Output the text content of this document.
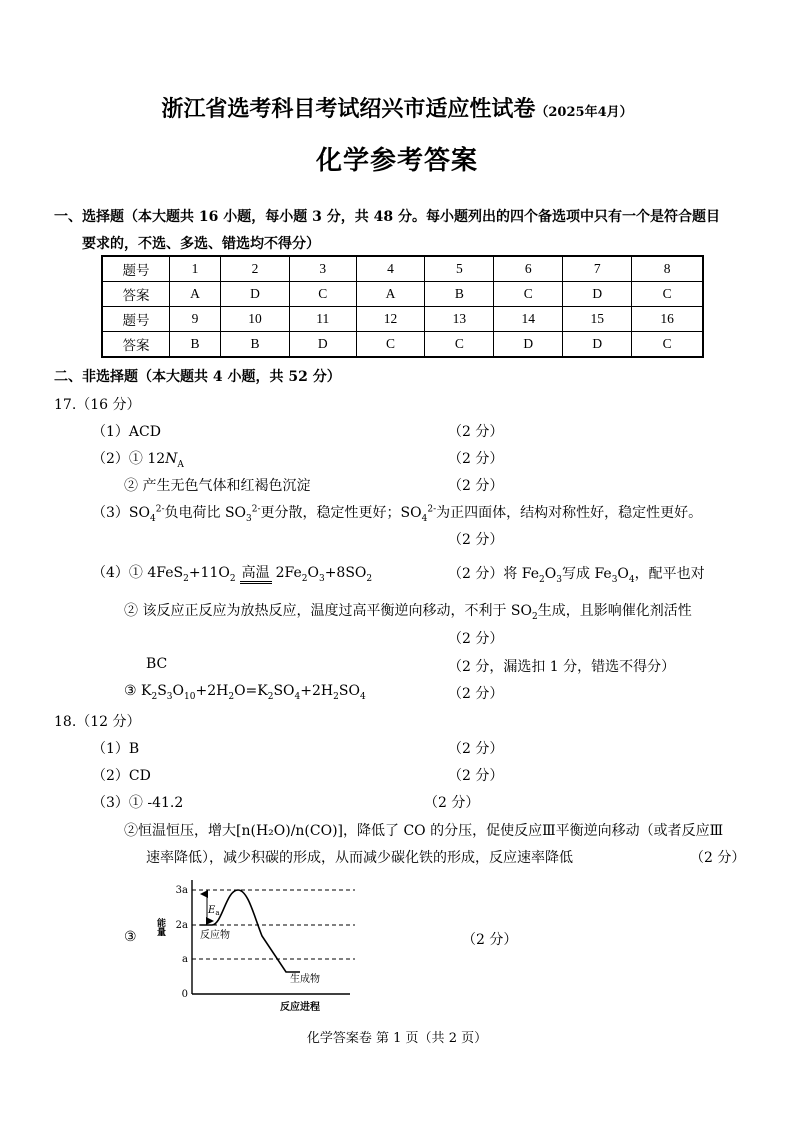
浙江省选考科目考试绍兴市适应性试卷（2025年4月）
化学参考答案
一、选择题（本大题共 16 小题，每小题 3 分，共 48 分。每小题列出的四个备选项中只有一个是符合题目
要求的，不选、多选、错选均不得分）
题号	1	2	3	4	5	6	7	8
答案	A	D	C	A	B	C	D	C
题号	9	10	11	12	13	14	15	16
答案	B	B	D	C	C	D	D	C
二、非选择题（本大题共 4 小题，共 52 分）
17.（16 分）
（1）ACD	（2 分）
（2）① $12N_A$	（2 分）
② 产生无色气体和红褐色沉淀	（2 分）
$(3)SO_4^{2-}$负电荷比 $SO_3^{2-}$更分散，稳定性更好；$SO_4^{2-}$为正四面体，结构对称性好，稳定性更好。
（2 分）
（4）① $4FeS_2+11O_2$ 高温 $2Fe_2O_3+8SO_2$	（2 分）将 $Fe_2O_3$写成 $Fe_3O_4$，配平也对
② 该反应正反应为放热反应，温度过高平衡逆向移动，不利于 $SO_2$生成，且影响催化剂活性
（2 分）
BC	（2 分，漏选扣 1 分，错选不得分）
③ $K_2S_3O_{10}+2H_2O=K_2SO_4+2H_2SO_4$	（2 分）
18.（12 分）
（1）B	（2 分）
（2）CD	（2 分）
（3）① -41.2	（2 分）
②恒温恒压，增大[n(H₂O)/n(CO)]，降低了 CO 的分压，促使反应Ⅲ平衡逆向移动（或者反应Ⅲ
速率降低），减少积碳的形成，从而减少碳化铁的形成，反应速率降低	（2 分）
③	（2 分）
能量
反应进程
3a
2a
a
0
$E_a$
反应物
生成物
化学答案卷 第 1 页（共 2 页）
